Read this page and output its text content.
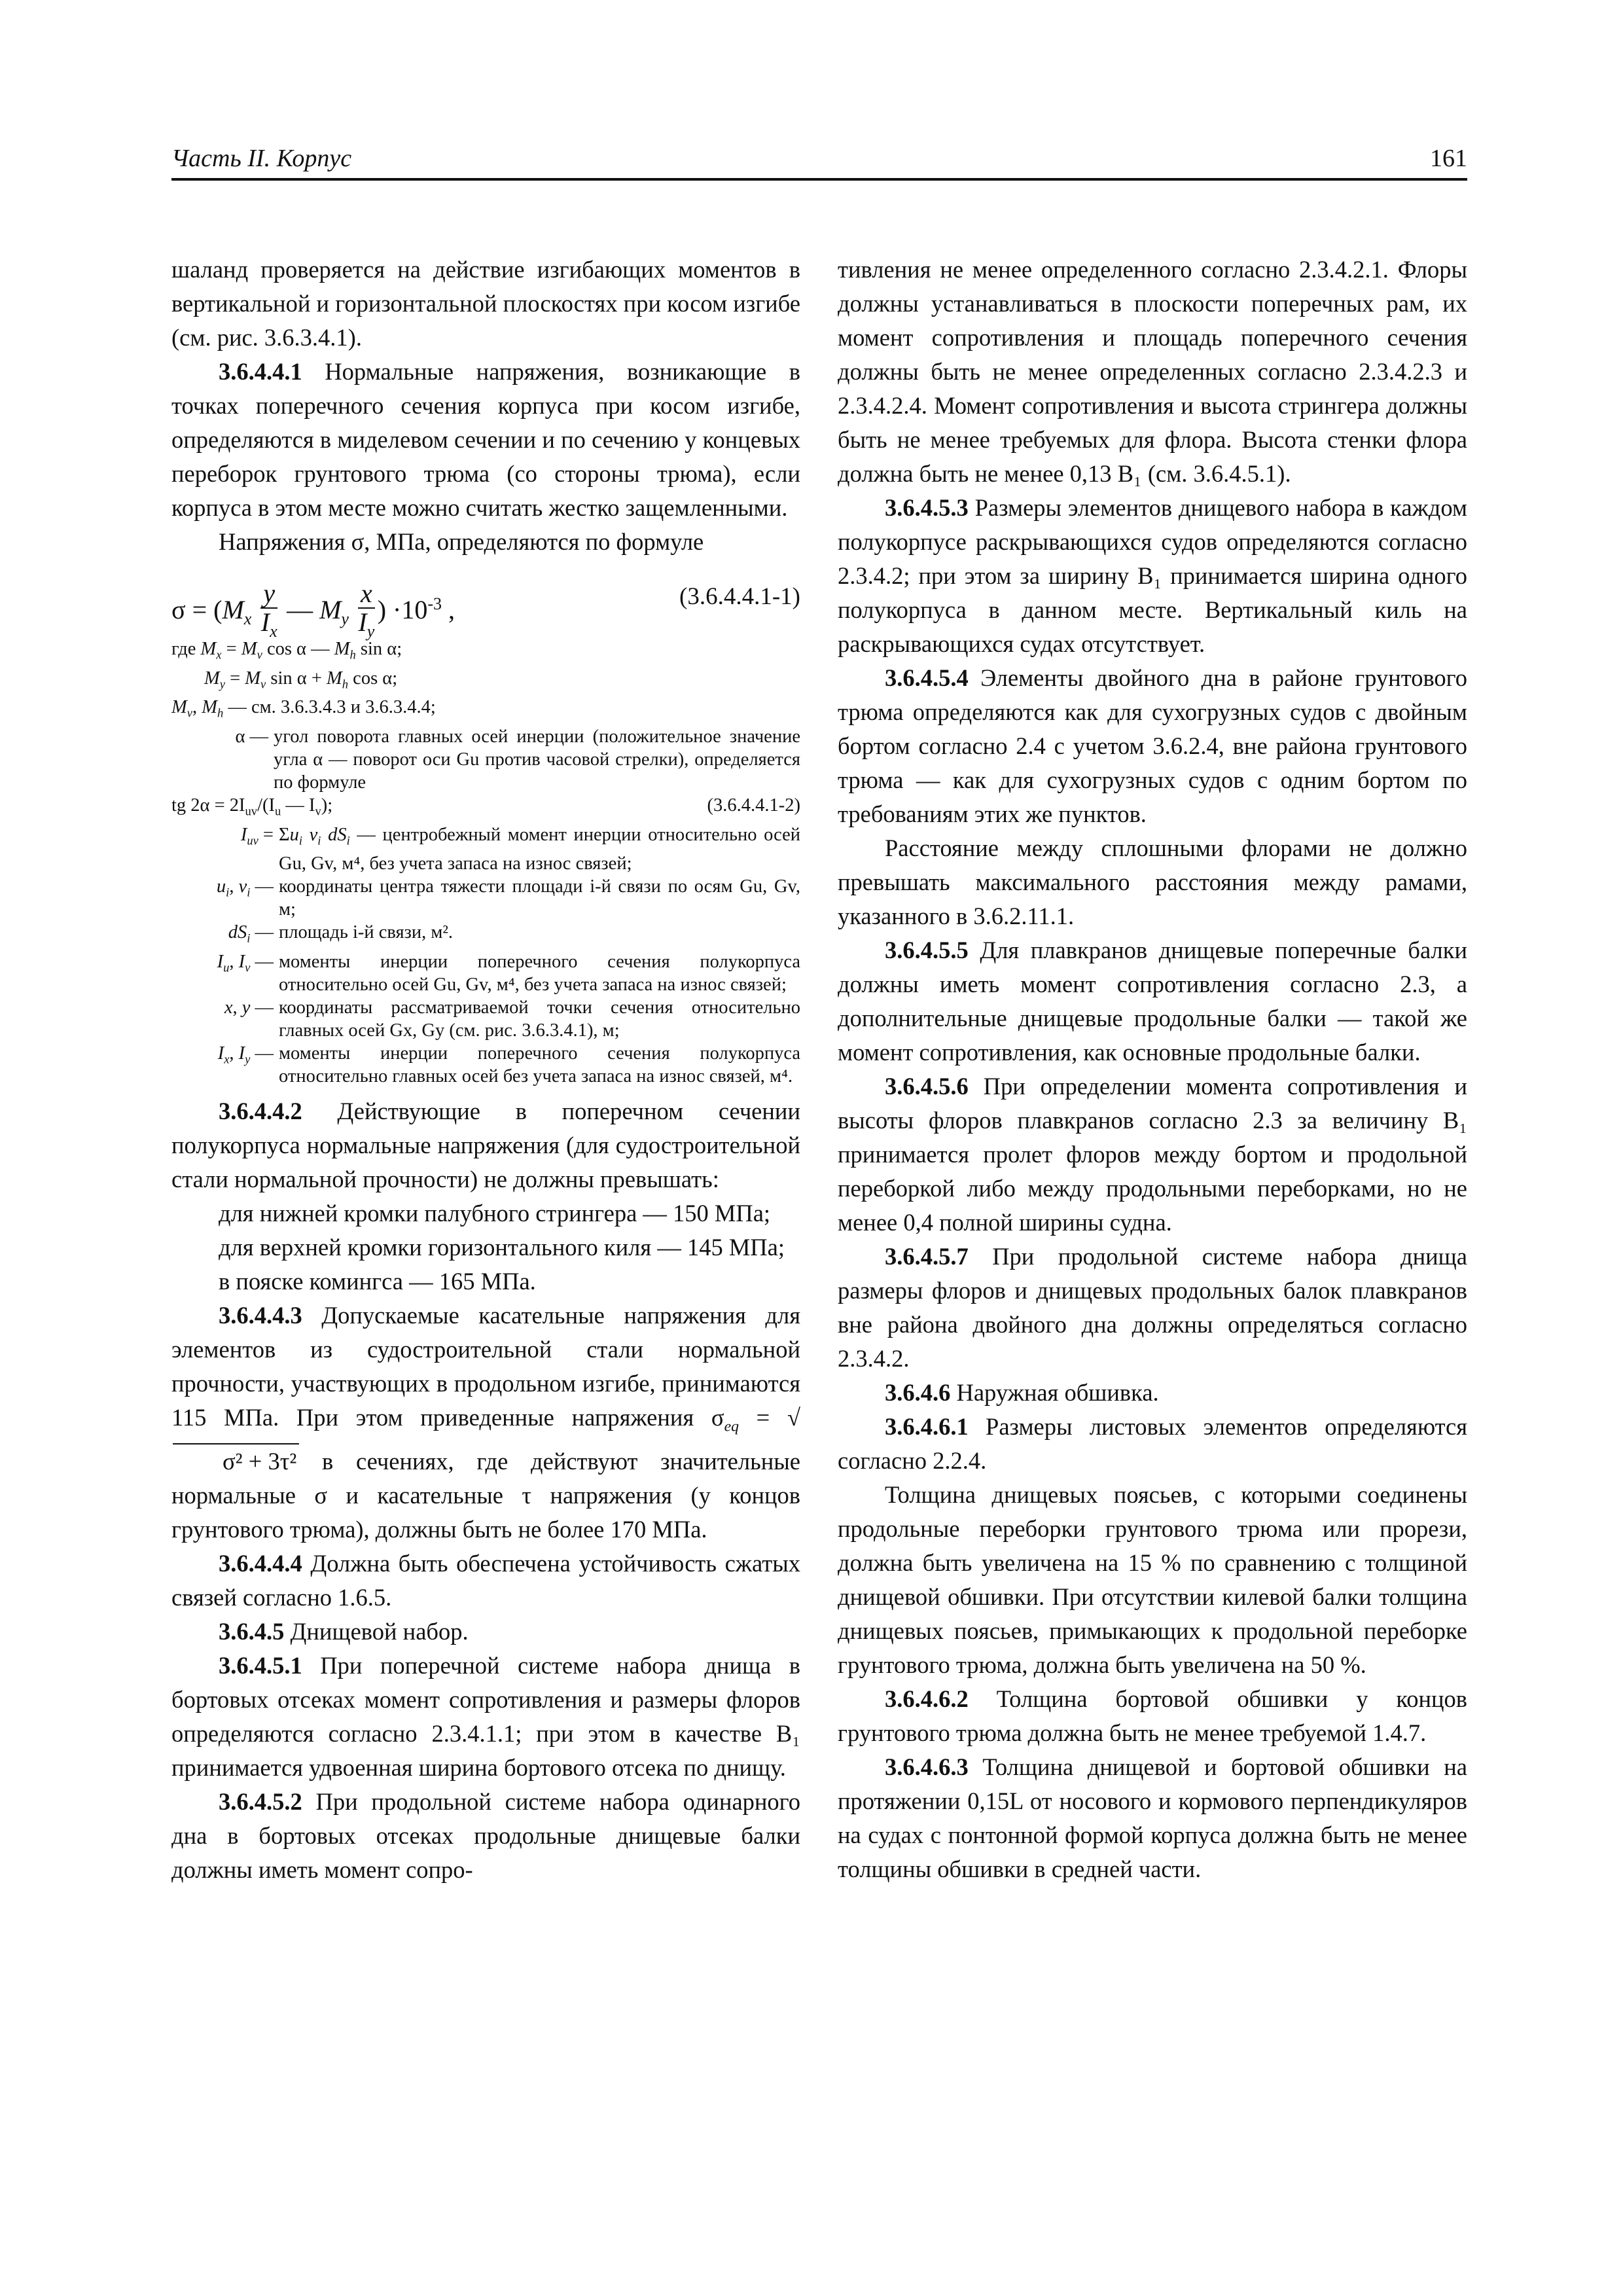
Часть II. Корпус	161

шаланд проверяется на действие изгибающих моментов в вертикальной и горизонтальной плоскостях при косом изгибе (см. рис. 3.6.3.4.1).

3.6.4.4.1 Нормальные напряжения, возникающие в точках поперечного сечения корпуса при косом изгибе, определяются в миделевом сечении и по сечению у концевых переборок грунтового трюма (со стороны трюма), если корпуса в этом месте можно считать жестко защемленными.

Напряжения σ, МПа, определяются по формуле

$\sigma = (M_x \frac{y}{I_x}$ — $M_y \frac{x}{I_y}$ ) $\cdot 10^{-3}$ ,	(3.6.4.4.1-1)
где $M_x = M_v$ cos α — $M_h$ sin α;
$M_y = M_v$ $\sin \alpha + M_h$ cos α;
$M_v$, $M_h$ — см. 3.6.3.4.3 и 3.6.3.4.4;
α — угол поворота главных осей инерции (положительное значение угла α — поворот оси Gu против часовой стрелки), определяется по формуле
tg $2\alpha = 2I_{uv}/(I_u$ — $I_v$);	(3.6.4.4.1-2)
$I_{uv} = \Sigma u_i$ $v_i$ $dS_i$ — центробежный момент инерции относительно осей Gu, Gv, м⁴, без учета запаса на износ связей;
$u_i$, $v_i$ — координаты центра тяжести площади i-й связи по осям Gu, Gv, м;
$dS_i$ — площадь i-й связи, м².
$I_u$, $I_v$ — моменты инерции поперечного сечения полукорпуса относительно осей Gu, Gv, м⁴, без учета запаса на износ связей;
x, y — координаты рассматриваемой точки сечения относительно главных осей Gx, Gy (см. рис. 3.6.3.4.1), м;
$I_x$, $I_y$ — моменты инерции поперечного сечения полукорпуса относительно главных осей без учета запаса на износ связей, м⁴.

3.6.4.4.2 Действующие в поперечном сечении полукорпуса нормальные напряжения (для судостроительной стали нормальной прочности) не должны превышать:

для нижней кромки палубного стрингера — 150 МПа;

для верхней кромки горизонтального киля — 145 МПа;

в пояске комингса — 165 МПа.

3.6.4.4.3 Допускаемые касательные напряжения для элементов из судостроительной стали нормальной прочности, участвующих в продольном изгибе, принимаются 115 МПа. При этом приведенные напряжения $\sigma_{eq} = √\sigma^2 + 3\tau^2$ в сечениях, где действуют значительные нормальные σ и касательные τ напряжения (у концов грунтового трюма), должны быть не более 170 МПа.

3.6.4.4.4 Должна быть обеспечена устойчивость сжатых связей согласно 1.6.5.

3.6.4.5 Днищевой набор.

3.6.4.5.1 При поперечной системе набора днища в бортовых отсеках момент сопротивления и размеры флоров определяются согласно 2.3.4.1.1; при этом в качестве B₁ принимается удвоенная ширина бортового отсека по днищу.

3.6.4.5.2 При продольной системе набора одинарного дна в бортовых отсеках продольные днищевые балки должны иметь момент сопро-

тивления не менее определенного согласно 2.3.4.2.1. Флоры должны устанавливаться в плоскости поперечных рам, их момент сопротивления и площадь поперечного сечения должны быть не менее определенных согласно 2.3.4.2.3 и 2.3.4.2.4. Момент сопротивления и высота стрингера должны быть не менее требуемых для флора. Высота стенки флора должна быть не менее 0,13 B₁ (см. 3.6.4.5.1).

3.6.4.5.3 Размеры элементов днищевого набора в каждом полукорпусе раскрывающихся судов определяются согласно 2.3.4.2; при этом за ширину B₁ принимается ширина одного полукорпуса в данном месте. Вертикальный киль на раскрывающихся судах отсутствует.

3.6.4.5.4 Элементы двойного дна в районе грунтового трюма определяются как для сухогрузных судов с двойным бортом согласно 2.4 с учетом 3.6.2.4, вне района грунтового трюма — как для сухогрузных судов с одним бортом по требованиям этих же пунктов.

Расстояние между сплошными флорами не должно превышать максимального расстояния между рамами, указанного в 3.6.2.11.1.

3.6.4.5.5 Для плавкранов днищевые поперечные балки должны иметь момент сопротивления согласно 2.3, а дополнительные днищевые продольные балки — такой же момент сопротивления, как основные продольные балки.

3.6.4.5.6 При определении момента сопротивления и высоты флоров плавкранов согласно 2.3 за величину B₁ принимается пролет флоров между бортом и продольной переборкой либо между продольными переборками, но не менее 0,4 полной ширины судна.

3.6.4.5.7 При продольной системе набора днища размеры флоров и днищевых продольных балок плавкранов вне района двойного дна должны определяться согласно 2.3.4.2.

3.6.4.6 Наружная обшивка.

3.6.4.6.1 Размеры листовых элементов определяются согласно 2.2.4.

Толщина днищевых поясьев, с которыми соединены продольные переборки грунтового трюма или прорези, должна быть увеличена на 15 % по сравнению с толщиной днищевой обшивки. При отсутствии килевой балки толщина днищевых поясьев, примыкающих к продольной переборке грунтового трюма, должна быть увеличена на 50 %.

3.6.4.6.2 Толщина бортовой обшивки у концов грунтового трюма должна быть не менее требуемой 1.4.7.

3.6.4.6.3 Толщина днищевой и бортовой обшивки на протяжении 0,15L от носового и кормового перпендикуляров на судах с понтонной формой корпуса должна быть не менее толщины обшивки в средней части.
